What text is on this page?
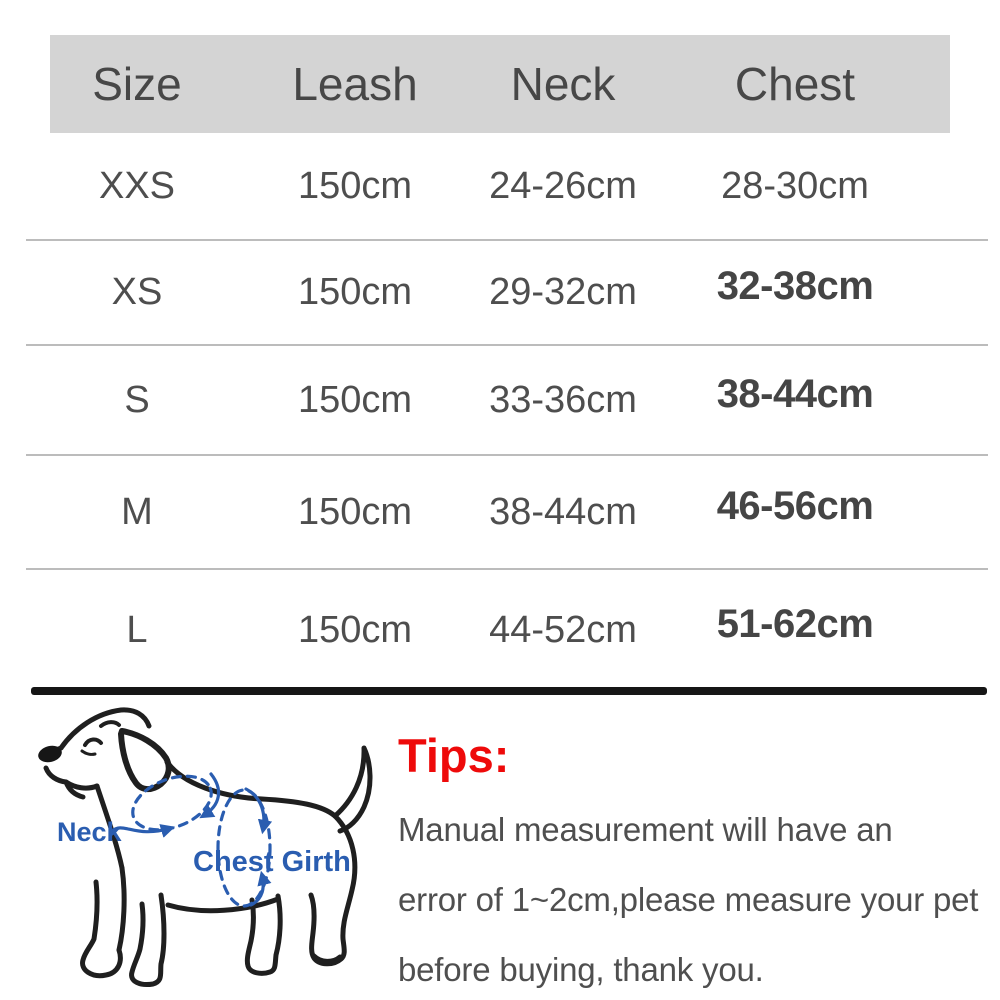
Size	Leash	Neck	Chest
XXS	150cm	24-26cm	28-30cm
XS	150cm	29-32cm	32-38cm
S	150cm	33-36cm	38-44cm
M	150cm	38-44cm	46-56cm
L	150cm	44-52cm	51-62cm
Neck
Chest Girth
Tips:
Manual measurement will have an
error of 1~2cm,please measure your pet
before buying, thank you.
